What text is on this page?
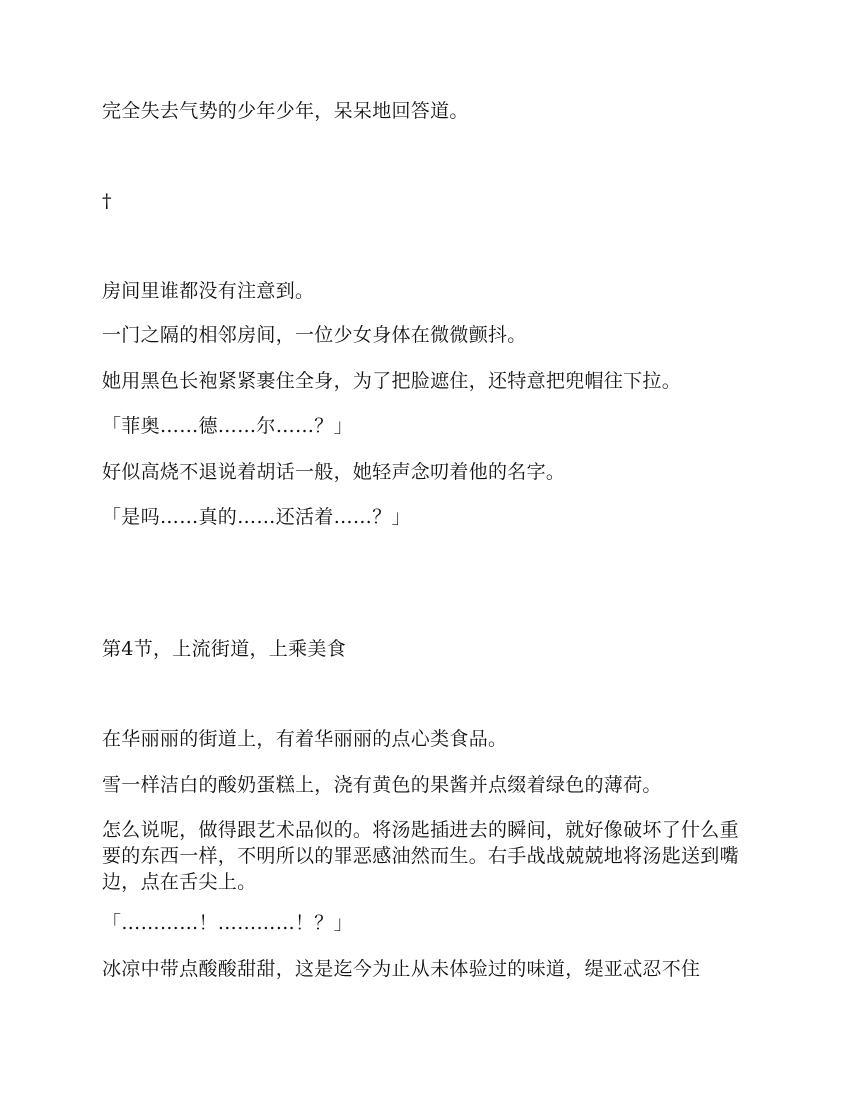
完全失去气势的少年少年，呆呆地回答道。
†
房间里谁都没有注意到。
一门之隔的相邻房间，一位少女身体在微微颤抖。
她用黑色长袍紧紧裹住全身，为了把脸遮住，还特意把兜帽往下拉。
「菲奥……德……尔……？」
好似高烧不退说着胡话一般，她轻声念叨着他的名字。
「是吗……真的……还活着……？」
第4节，上流街道，上乘美食
在华丽丽的街道上，有着华丽丽的点心类食品。
雪一样洁白的酸奶蛋糕上，浇有黄色的果酱并点缀着绿色的薄荷。
怎么说呢，做得跟艺术品似的。将汤匙插进去的瞬间，就好像破坏了什么重要的东西一样，不明所以的罪恶感油然而生。右手战战兢兢地将汤匙送到嘴边，点在舌尖上。
「…………！…………！？」
冰凉中带点酸酸甜甜，这是迄今为止从未体验过的味道，缇亚忒忍不住
